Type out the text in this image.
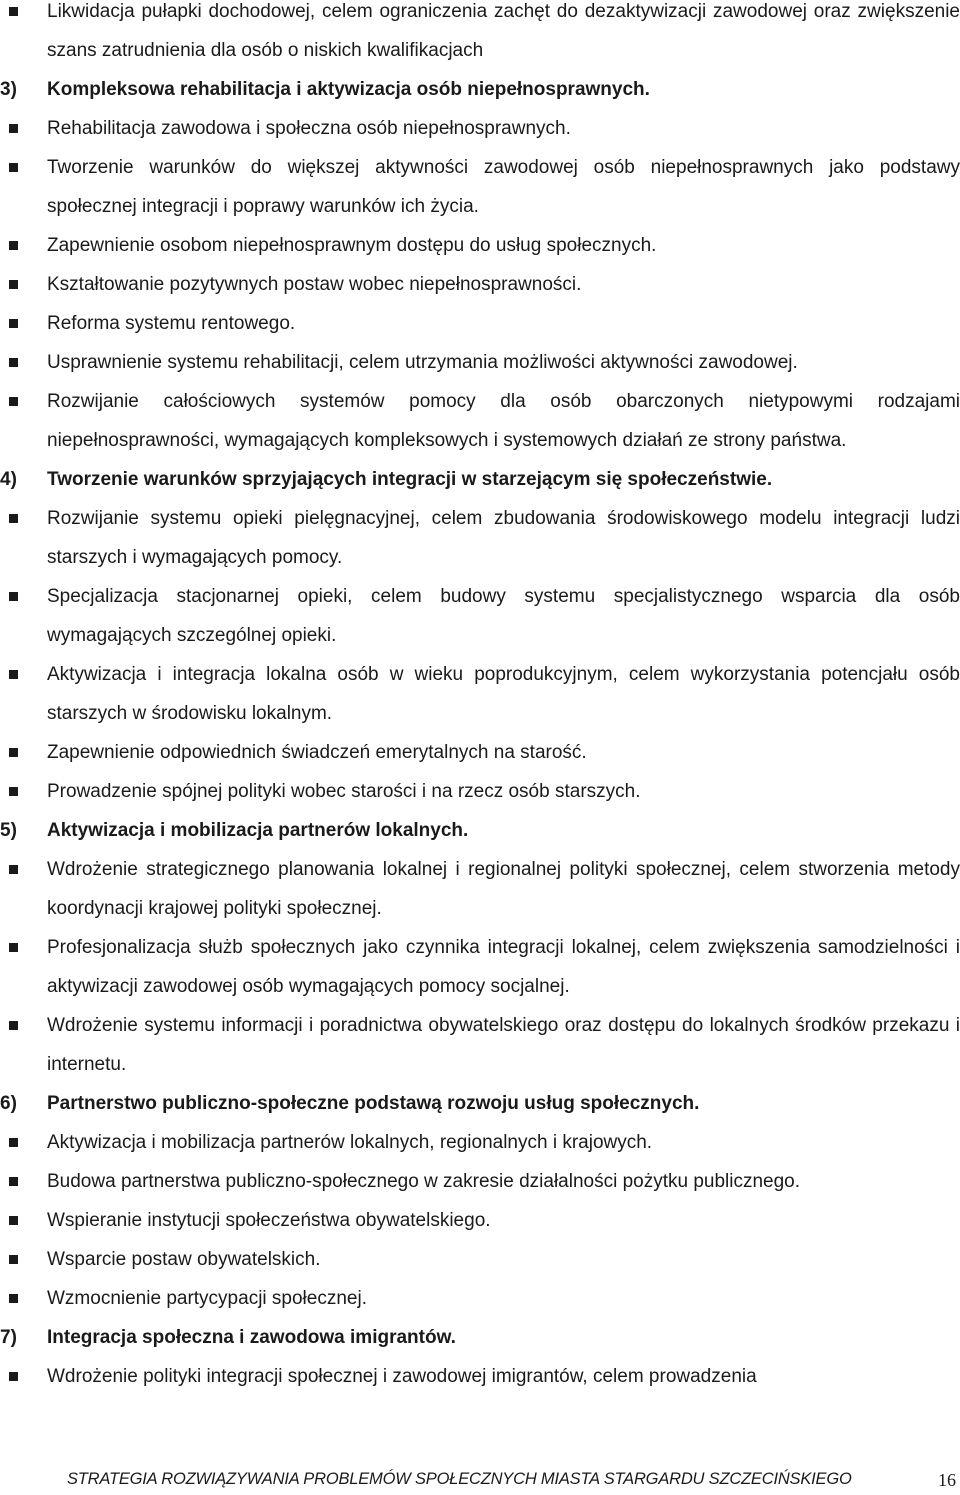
Likwidacja pułapki dochodowej, celem ograniczenia zachęt do dezaktywizacji zawodowej oraz zwiększenie szans zatrudnienia dla osób o niskich kwalifikacjach

3) Kompleksowa rehabilitacja i aktywizacja osób niepełnosprawnych.

Rehabilitacja zawodowa i społeczna osób niepełnosprawnych.

Tworzenie warunków do większej aktywności zawodowej osób niepełnosprawnych jako podstawy społecznej integracji i poprawy warunków ich życia.

Zapewnienie osobom niepełnosprawnym dostępu do usług społecznych.

Kształtowanie pozytywnych postaw wobec niepełnosprawności.

Reforma systemu rentowego.

Usprawnienie systemu rehabilitacji, celem utrzymania możliwości aktywności zawodowej.

Rozwijanie całościowych systemów pomocy dla osób obarczonych nietypowymi rodzajami niepełnosprawności, wymagających kompleksowych i systemowych działań ze strony państwa.

4) Tworzenie warunków sprzyjających integracji w starzejącym się społeczeństwie.

Rozwijanie systemu opieki pielęgnacyjnej, celem zbudowania środowiskowego modelu integracji ludzi starszych i wymagających pomocy.

Specjalizacja stacjonarnej opieki, celem budowy systemu specjalistycznego wsparcia dla osób wymagających szczególnej opieki.

Aktywizacja i integracja lokalna osób w wieku poprodukcyjnym, celem wykorzystania potencjału osób starszych w środowisku lokalnym.

Zapewnienie odpowiednich świadczeń emerytalnych na starość.

Prowadzenie spójnej polityki wobec starości i na rzecz osób starszych.

5) Aktywizacja i mobilizacja partnerów lokalnych.

Wdrożenie strategicznego planowania lokalnej i regionalnej polityki społecznej, celem stworzenia metody koordynacji krajowej polityki społecznej.

Profesjonalizacja służb społecznych jako czynnika integracji lokalnej, celem zwiększenia samodzielności i aktywizacji zawodowej osób wymagających pomocy socjalnej.

Wdrożenie systemu informacji i poradnictwa obywatelskiego oraz dostępu do lokalnych środków przekazu i internetu.

6) Partnerstwo publiczno-społeczne podstawą rozwoju usług społecznych.

Aktywizacja i mobilizacja partnerów lokalnych, regionalnych i krajowych.

Budowa partnerstwa publiczno-społecznego w zakresie działalności pożytku publicznego.

Wspieranie instytucji społeczeństwa obywatelskiego.

Wsparcie postaw obywatelskich.

Wzmocnienie partycypacji społecznej.

7) Integracja społeczna i zawodowa imigrantów.

Wdrożenie polityki integracji społecznej i zawodowej imigrantów, celem prowadzenia

STRATEGIA ROZWIĄZYWANIA PROBLEMÓW SPOŁECZNYCH MIASTA STARGARDU SZCZECIŃSKIEGO	16
